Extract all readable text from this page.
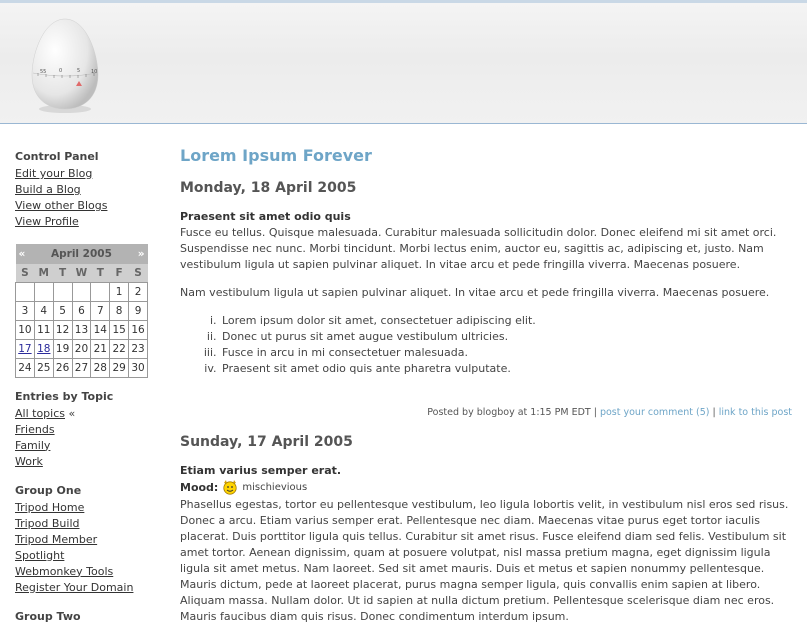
55	0	5 10
Control Panel
Edit your Blog
Build a Blog
View other Blogs
View Profile
«	April 2005					»
S	M	T	W	T	F	S
					1	2
3	4	5	6	7	8	9
10	11	12	13	14	15	16
17	18	19	20	21	22	23
24	25	26	27	28	29	30
Entries by Topic
All topics «
Friends
Family
Work
Group One
Tripod Home
Tripod Build
Tripod Member
Spotlight
Webmonkey Tools
Register Your Domain
Group Two
Lorem Ipsum Forever
Monday, 18 April 2005
Praesent sit amet odio quis
Fusce eu tellus. Quisque malesuada. Curabitur malesuada sollicitudin dolor. Donec eleifend mi sit amet orci. Suspendisse nec nunc. Morbi tincidunt. Morbi lectus enim, auctor eu, sagittis ac, adipiscing et, justo. Nam vestibulum ligula ut sapien pulvinar aliquet. In vitae arcu et pede fringilla viverra. Maecenas posuere.
Nam vestibulum ligula ut sapien pulvinar aliquet. In vitae arcu et pede fringilla viverra. Maecenas posuere.
i. Lorem ipsum dolor sit amet, consectetuer adipiscing elit.
ii. Donec ut purus sit amet augue vestibulum ultricies.
iii. Fusce in arcu in mi consectetuer malesuada.
iv. Praesent sit amet odio quis ante pharetra vulputate.
Posted by blogboy at 1:15 PM EDT | post your comment (5) | link to this post
Sunday, 17 April 2005
Etiam varius semper erat.
Mood: mischievious
Phasellus egestas, tortor eu pellentesque vestibulum, leo ligula lobortis velit, in vestibulum nisl eros sed risus. Donec a arcu. Etiam varius semper erat. Pellentesque nec diam. Maecenas vitae purus eget tortor iaculis placerat. Duis porttitor ligula quis tellus. Curabitur sit amet risus. Fusce eleifend diam sed felis. Vestibulum sit amet tortor. Aenean dignissim, quam at posuere volutpat, nisl massa pretium magna, eget dignissim ligula ligula sit amet metus. Nam laoreet. Sed sit amet mauris. Duis et metus et sapien nonummy pellentesque. Mauris dictum, pede at laoreet placerat, purus magna semper ligula, quis convallis enim sapien at libero. Aliquam massa. Nullam dolor. Ut id sapien at nulla dictum pretium. Pellentesque scelerisque diam nec eros. Mauris faucibus diam quis risus. Donec condimentum interdum ipsum.
